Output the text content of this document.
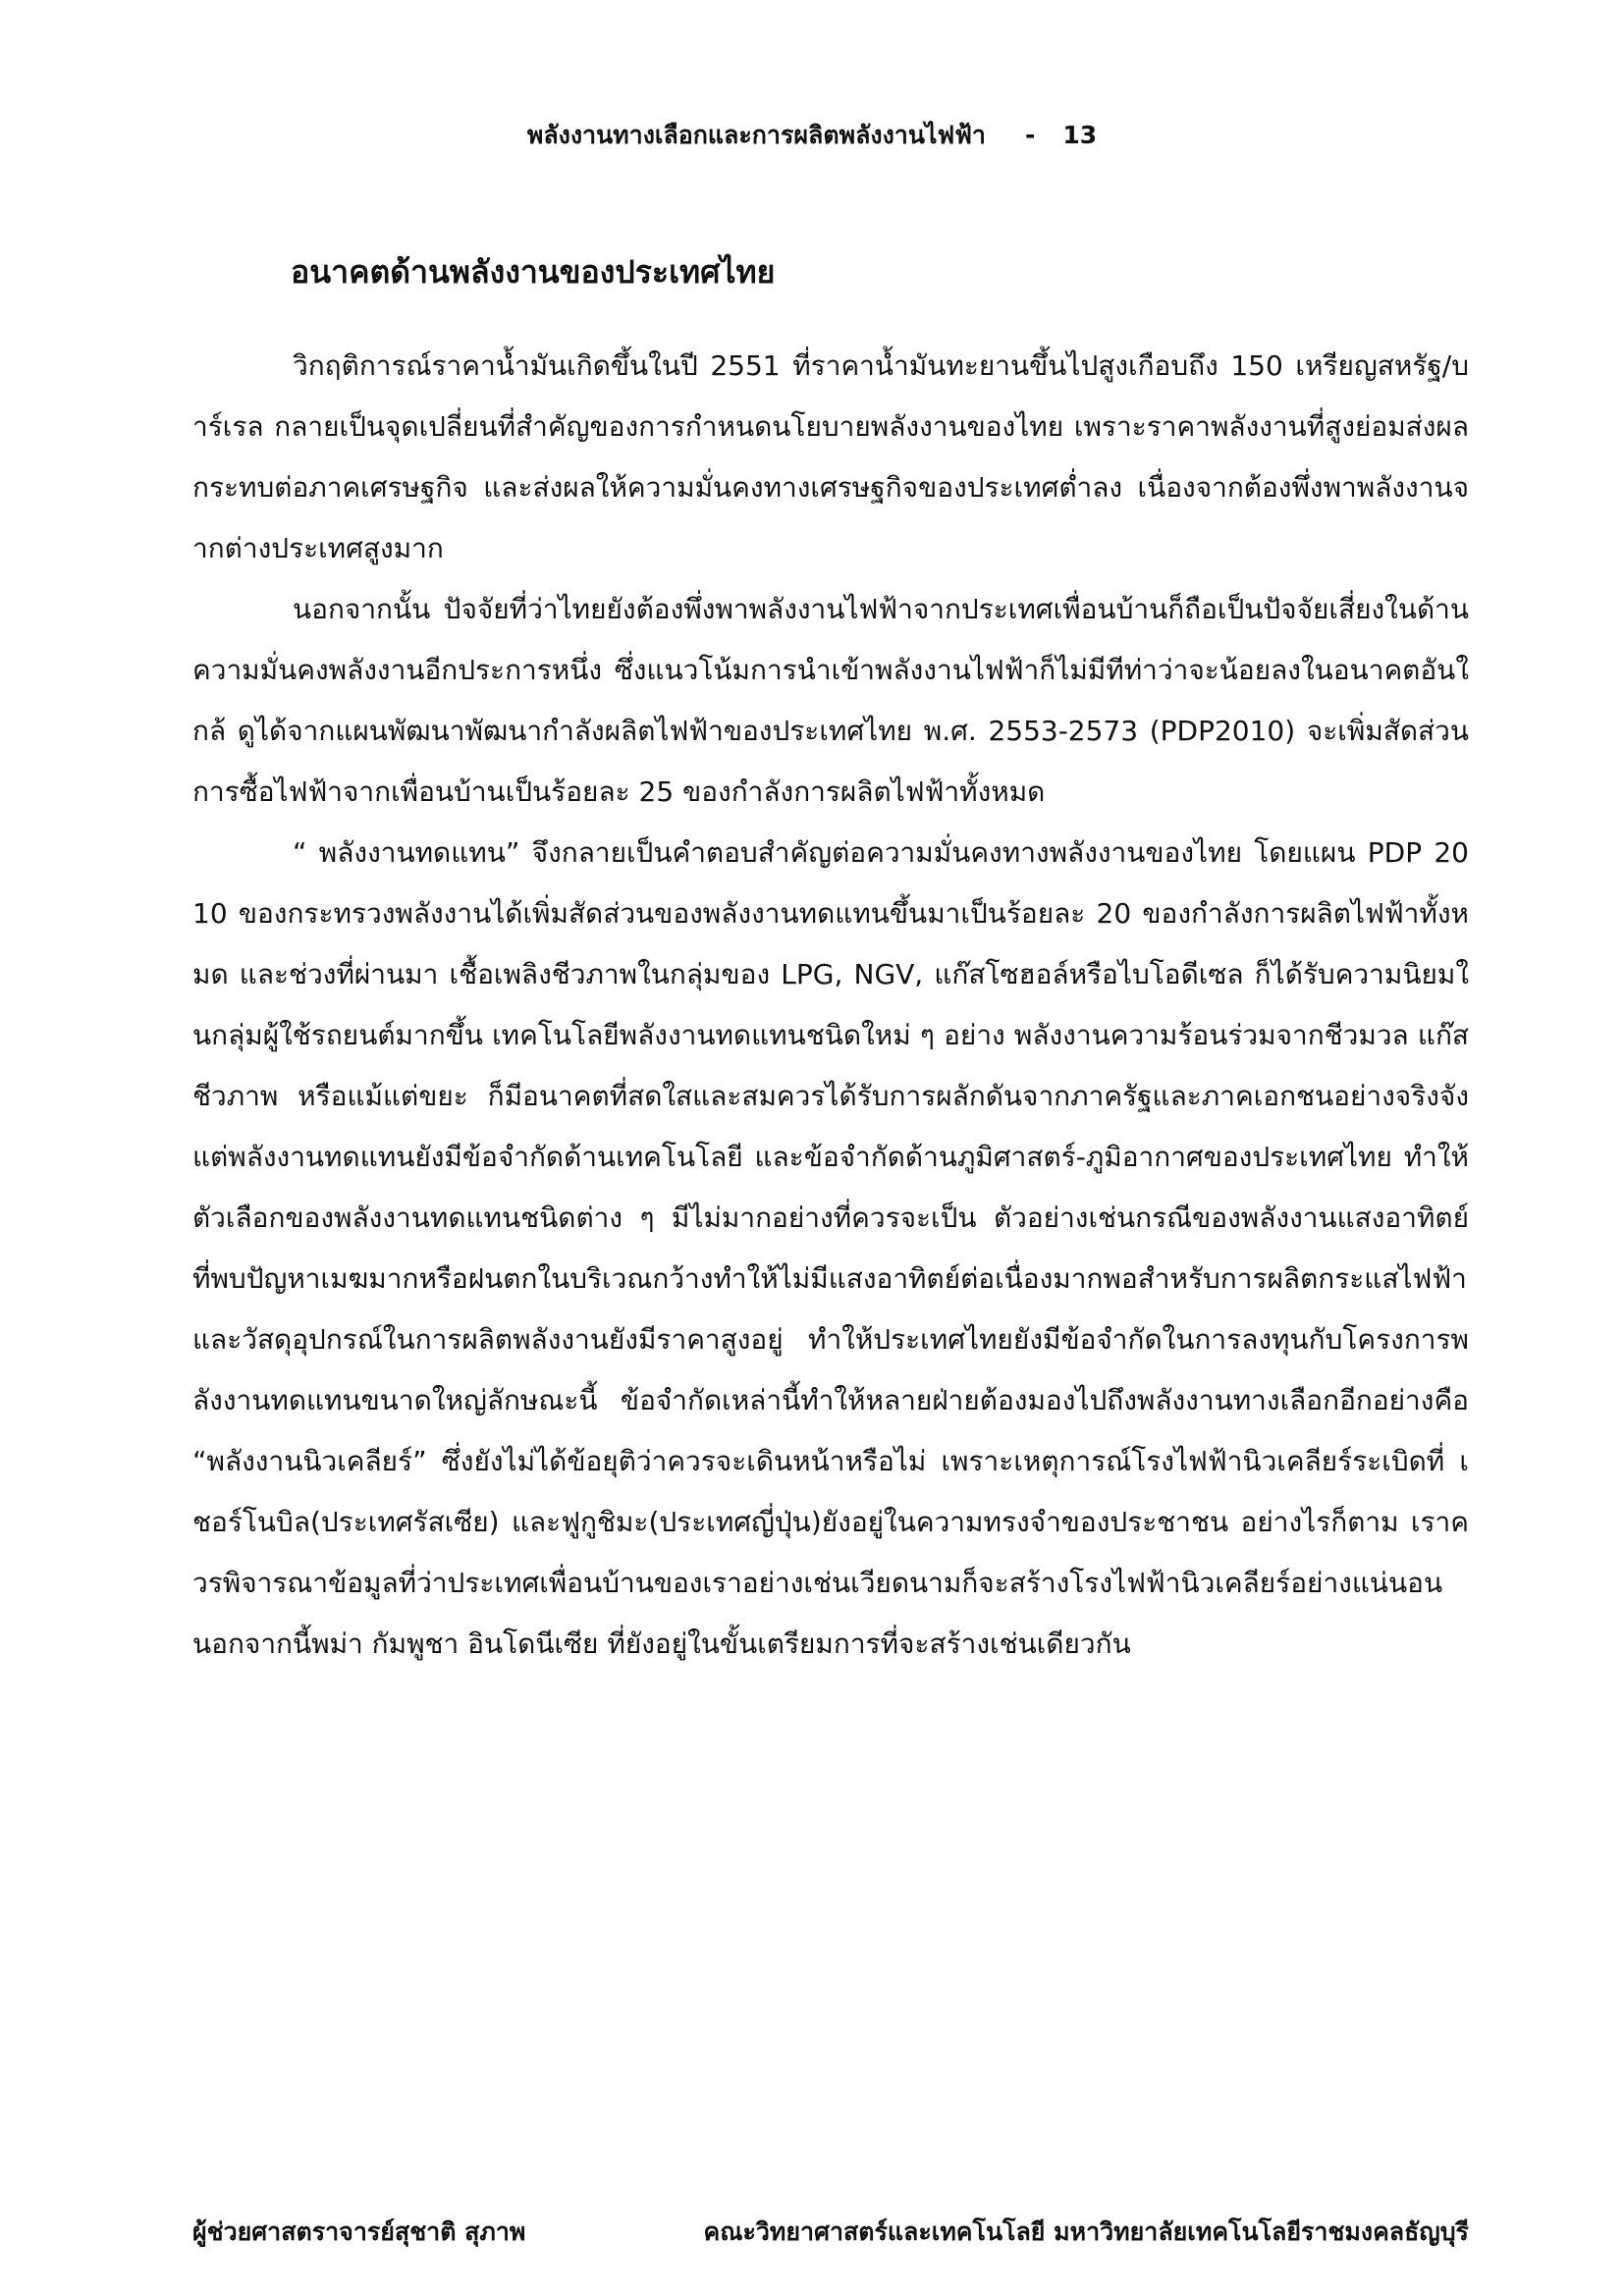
พลังงานทางเลือกและการผลิตพลังงานไฟฟ้า - 13
อนาคตด้านพลังงานของประเทศไทย

วิกฤติการณ์ราคาน้ำมันเกิดขึ้นในปี 2551 ที่ราคาน้ำมันทะยานขึ้นไปสูงเกือบถึง 150 เหรียญสหรัฐ/บาร์เรล กลายเป็นจุดเปลี่ยนที่สำคัญของการกำหนดนโยบายพลังงานของไทย เพราะราคาพลังงานที่สูงย่อมส่งผลกระทบต่อภาคเศรษฐกิจ และส่งผลให้ความมั่นคงทางเศรษฐกิจของประเทศต่ำลง เนื่องจากต้องพึ่งพาพลังงานจากต่างประเทศสูงมาก

นอกจากนั้น ปัจจัยที่ว่าไทยยังต้องพึ่งพาพลังงานไฟฟ้าจากประเทศเพื่อนบ้านก็ถือเป็นปัจจัยเสี่ยงในด้านความมั่นคงพลังงานอีกประการหนึ่ง ซึ่งแนวโน้มการนำเข้าพลังงานไฟฟ้าก็ไม่มีทีท่าว่าจะน้อยลงในอนาคตอันใกล้ ดูได้จากแผนพัฒนาพัฒนากำลังผลิตไฟฟ้าของประเทศไทย พ.ศ. 2553-2573 (PDP2010) จะเพิ่มสัดส่วนการซื้อไฟฟ้าจากเพื่อนบ้านเป็นร้อยละ 25 ของกำลังการผลิตไฟฟ้าทั้งหมด

“ พลังงานทดแทน” จึงกลายเป็นคำตอบสำคัญต่อความมั่นคงทางพลังงานของไทย โดยแผน PDP 2010 ของกระทรวงพลังงานได้เพิ่มสัดส่วนของพลังงานทดแทนขึ้นมาเป็นร้อยละ 20 ของกำลังการผลิตไฟฟ้าทั้งหมด และช่วงที่ผ่านมา เชื้อเพลิงชีวภาพในกลุ่มของ LPG, NGV, แก๊สโซฮอล์หรือไบโอดีเซล ก็ได้รับความนิยมในกลุ่มผู้ใช้รถยนต์มากขึ้น เทคโนโลยีพลังงานทดแทนชนิดใหม่ ๆ อย่าง พลังงานความร้อนร่วมจากชีวมวล แก๊สชีวภาพ หรือแม้แต่ขยะ ก็มีอนาคตที่สดใสและสมควรได้รับการผลักดันจากภาครัฐและภาคเอกชนอย่างจริงจัง แต่พลังงานทดแทนยังมีข้อจำกัดด้านเทคโนโลยี และข้อจำกัดด้านภูมิศาสตร์-ภูมิอากาศของประเทศไทย ทำให้ตัวเลือกของพลังงานทดแทนชนิดต่าง ๆ มีไม่มากอย่างที่ควรจะเป็น ตัวอย่างเช่นกรณีของพลังงานแสงอาทิตย์ ที่พบปัญหาเมฆมากหรือฝนตกในบริเวณกว้างทำให้ไม่มีแสงอาทิตย์ต่อเนื่องมากพอสำหรับการผลิตกระแสไฟฟ้า และวัสดุอุปกรณ์ในการผลิตพลังงานยังมีราคาสูงอยู่ ทำให้ประเทศไทยยังมีข้อจำกัดในการลงทุนกับโครงการพลังงานทดแทนขนาดใหญ่ลักษณะนี้ ข้อจำกัดเหล่านี้ทำให้หลายฝ่ายต้องมองไปถึงพลังงานทางเลือกอีกอย่างคือ “พลังงานนิวเคลียร์” ซึ่งยังไม่ได้ข้อยุติว่าควรจะเดินหน้าหรือไม่ เพราะเหตุการณ์โรงไฟฟ้านิวเคลียร์ระเบิดที่ เชอร์โนบิล(ประเทศรัสเซีย) และฟูกูชิมะ(ประเทศญี่ปุ่น)ยังอยู่ในความทรงจำของประชาชน อย่างไรก็ตาม เราควรพิจารณาข้อมูลที่ว่าประเทศเพื่อนบ้านของเราอย่างเช่นเวียดนามก็จะสร้างโรงไฟฟ้านิวเคลียร์อย่างแน่นอน นอกจากนี้พม่า กัมพูชา อินโดนีเซีย ที่ยังอยู่ในขั้นเตรียมการที่จะสร้างเช่นเดียวกัน

ผู้ช่วยศาสตราจารย์สุชาติ สุภาพ	คณะวิทยาศาสตร์และเทคโนโลยี มหาวิทยาลัยเทคโนโลยีราชมงคลธัญบุรี
